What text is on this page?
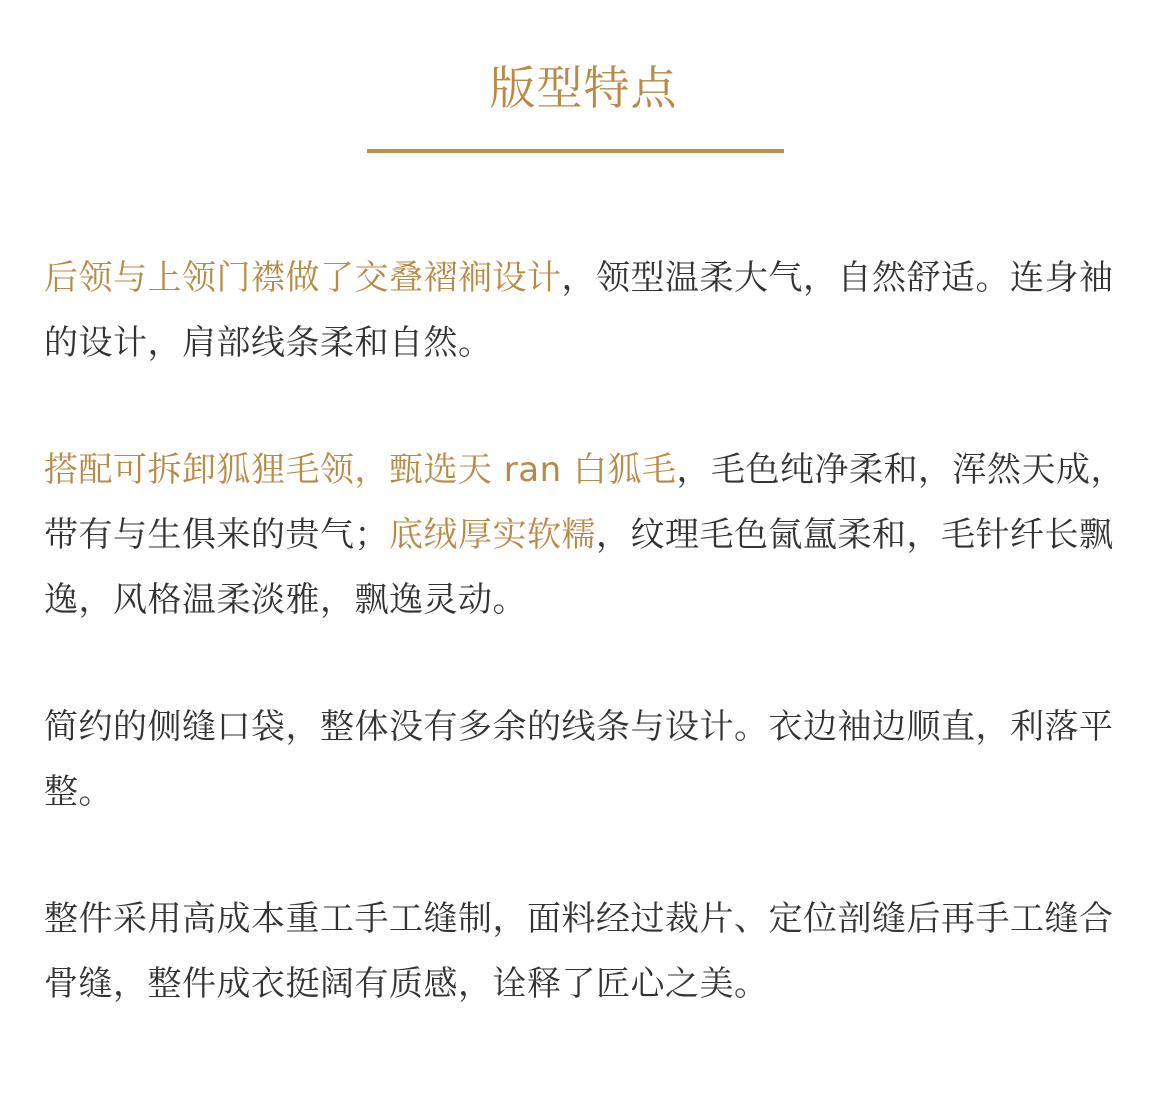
版型特点

后领与上领门襟做了交叠褶裥设计，领型温柔大气，自然舒适。连身袖的设计，肩部线条柔和自然。

搭配可拆卸狐狸毛领，甄选天 ran 白狐毛，毛色纯净柔和，浑然天成，带有与生俱来的贵气；底绒厚实软糯，纹理毛色氤氲柔和，毛针纤长飘逸，风格温柔淡雅，飘逸灵动。

简约的侧缝口袋，整体没有多余的线条与设计。衣边袖边顺直，利落平整。

整件采用高成本重工手工缝制，面料经过裁片、定位剖缝后再手工缝合骨缝，整件成衣挺阔有质感，诠释了匠心之美。
